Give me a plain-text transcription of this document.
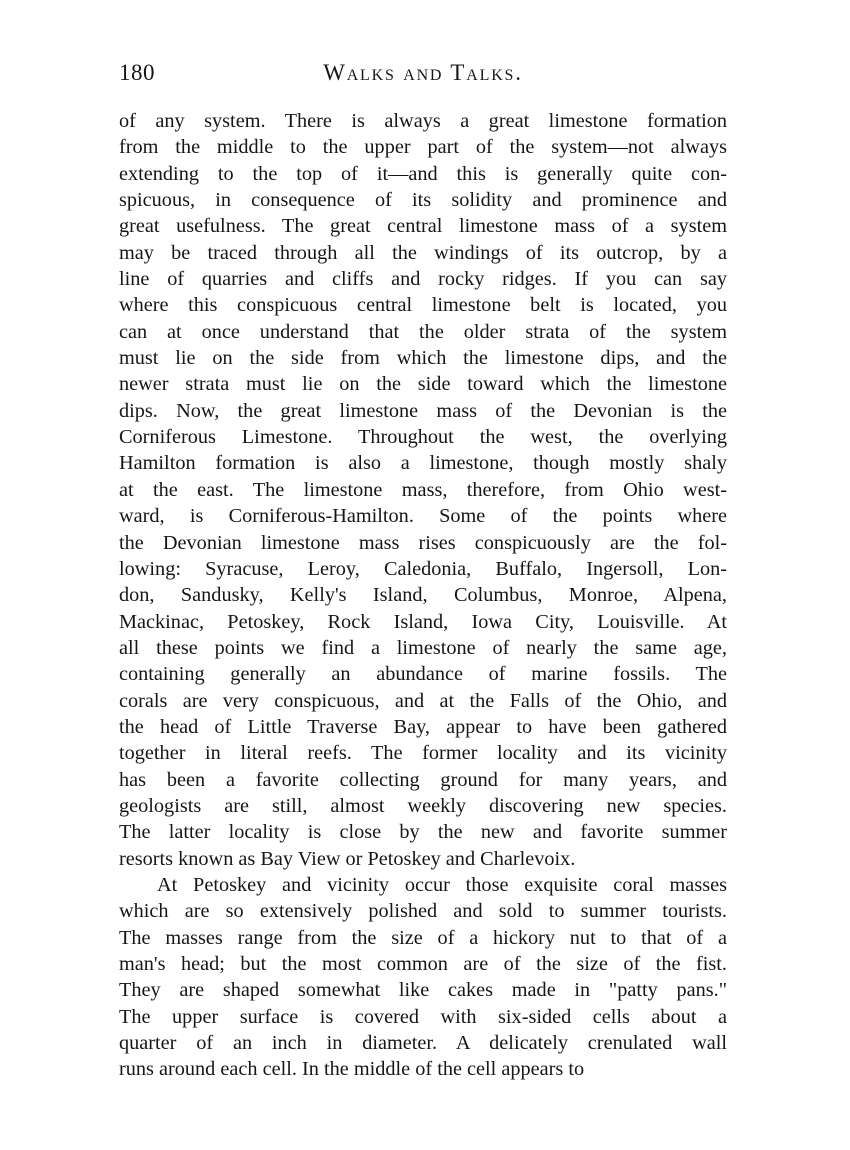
180	Walks and Talks.
of any system. There is always a great limestone formation
from the middle to the upper part of the system—not always
extending to the top of it—and this is generally quite con-
spicuous, in consequence of its solidity and prominence and
great usefulness. The great central limestone mass of a system
may be traced through all the windings of its outcrop, by a
line of quarries and cliffs and rocky ridges. If you can say
where this conspicuous central limestone belt is located, you
can at once understand that the older strata of the system
must lie on the side from which the limestone dips, and the
newer strata must lie on the side toward which the limestone
dips. Now, the great limestone mass of the Devonian is the
Corniferous Limestone. Throughout the west, the overlying
Hamilton formation is also a limestone, though mostly shaly
at the east. The limestone mass, therefore, from Ohio west-
ward, is Corniferous-Hamilton. Some of the points where
the Devonian limestone mass rises conspicuously are the fol-
lowing: Syracuse, Leroy, Caledonia, Buffalo, Ingersoll, Lon-
don, Sandusky, Kelly's Island, Columbus, Monroe, Alpena,
Mackinac, Petoskey, Rock Island, Iowa City, Louisville. At
all these points we find a limestone of nearly the same age,
containing generally an abundance of marine fossils. The
corals are very conspicuous, and at the Falls of the Ohio, and
the head of Little Traverse Bay, appear to have been gathered
together in literal reefs. The former locality and its vicinity
has been a favorite collecting ground for many years, and
geologists are still, almost weekly discovering new species.
The latter locality is close by the new and favorite summer
resorts known as Bay View or Petoskey and Charlevoix.
At Petoskey and vicinity occur those exquisite coral masses
which are so extensively polished and sold to summer tourists.
The masses range from the size of a hickory nut to that of a
man's head; but the most common are of the size of the fist.
They are shaped somewhat like cakes made in "patty pans."
The upper surface is covered with six-sided cells about a
quarter of an inch in diameter. A delicately crenulated wall
runs around each cell. In the middle of the cell appears to
